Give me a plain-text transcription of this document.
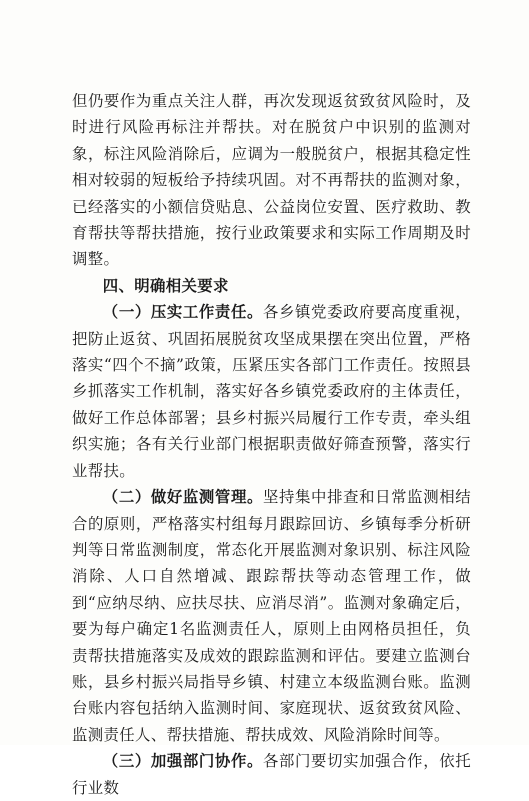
但仍要作为重点关注人群，再次发现返贫致贫风险时，及时进行风险再标注并帮扶。对在脱贫户中识别的监测对象，标注风险消除后，应调为一般脱贫户，根据其稳定性相对较弱的短板给予持续巩固。对不再帮扶的监测对象，已经落实的小额信贷贴息、公益岗位安置、医疗救助、教育帮扶等帮扶措施，按行业政策要求和实际工作周期及时调整。

四、明确相关要求

（一）压实工作责任。各乡镇党委政府要高度重视，把防止返贫、巩固拓展脱贫攻坚成果摆在突出位置，严格落实“四个不摘”政策，压紧压实各部门工作责任。按照县乡抓落实工作机制，落实好各乡镇党委政府的主体责任，做好工作总体部署；县乡村振兴局履行工作专责，牵头组织实施；各有关行业部门根据职责做好筛查预警，落实行业帮扶。

（二）做好监测管理。坚持集中排查和日常监测相结合的原则，严格落实村组每月跟踪回访、乡镇每季分析研判等日常监测制度，常态化开展监测对象识别、标注风险消除、人口自然增减、跟踪帮扶等动态管理工作，做到“应纳尽纳、应扶尽扶、应消尽消”。监测对象确定后，要为每户确定1名监测责任人，原则上由网格员担任，负责帮扶措施落实及成效的跟踪监测和评估。要建立监测台账，县乡村振兴局指导乡镇、村建立本级监测台账。监测台账内容包括纳入监测时间、家庭现状、返贫致贫风险、监测责任人、帮扶措施、帮扶成效、风险消除时间等。

（三）加强部门协作。各部门要切实加强合作，依托行业数
